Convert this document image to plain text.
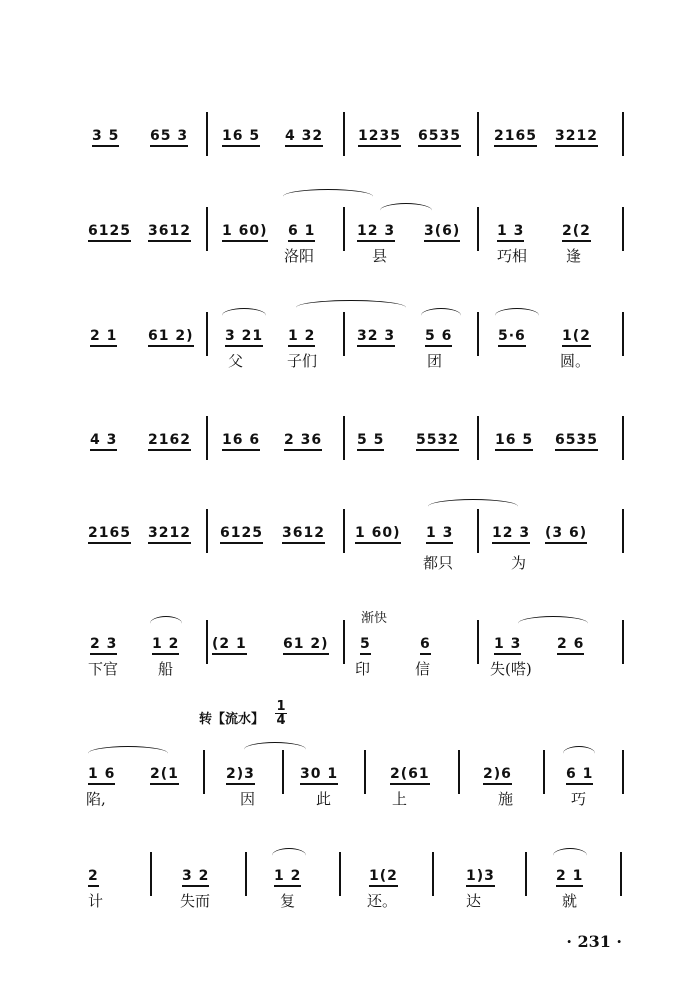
3 5 65 3 16 5 4 32 1235 6535 2165 3212
6125 3612 1 60) 6 1	12 3 3(6)	1 3	2(2
洛阳	县	巧相	逢
2 1 61 2) 3 21 1 2	32 3 5 6	5·6	1(2
父	子们	团	圆。
4 3 2162 16 6 2 36 5 5 5532	16 5 6535
2165 3212 6125 3612 1 60) 1 3	12 3 (3 6)
都只	为
渐快
2 3 1 2 (2 1	61 2) 5	6	1 3	2 6
下官	船	印	信	失(嗒)
转【流水】
1
4
1 6 2(1	2)3	30 1	2(61	2)6	6 1
陷,	因	此	上	施	巧
2	3 2	1 2	1(2	1)3	2 1
计	失而	复	还。	达	就
· 231 ·
